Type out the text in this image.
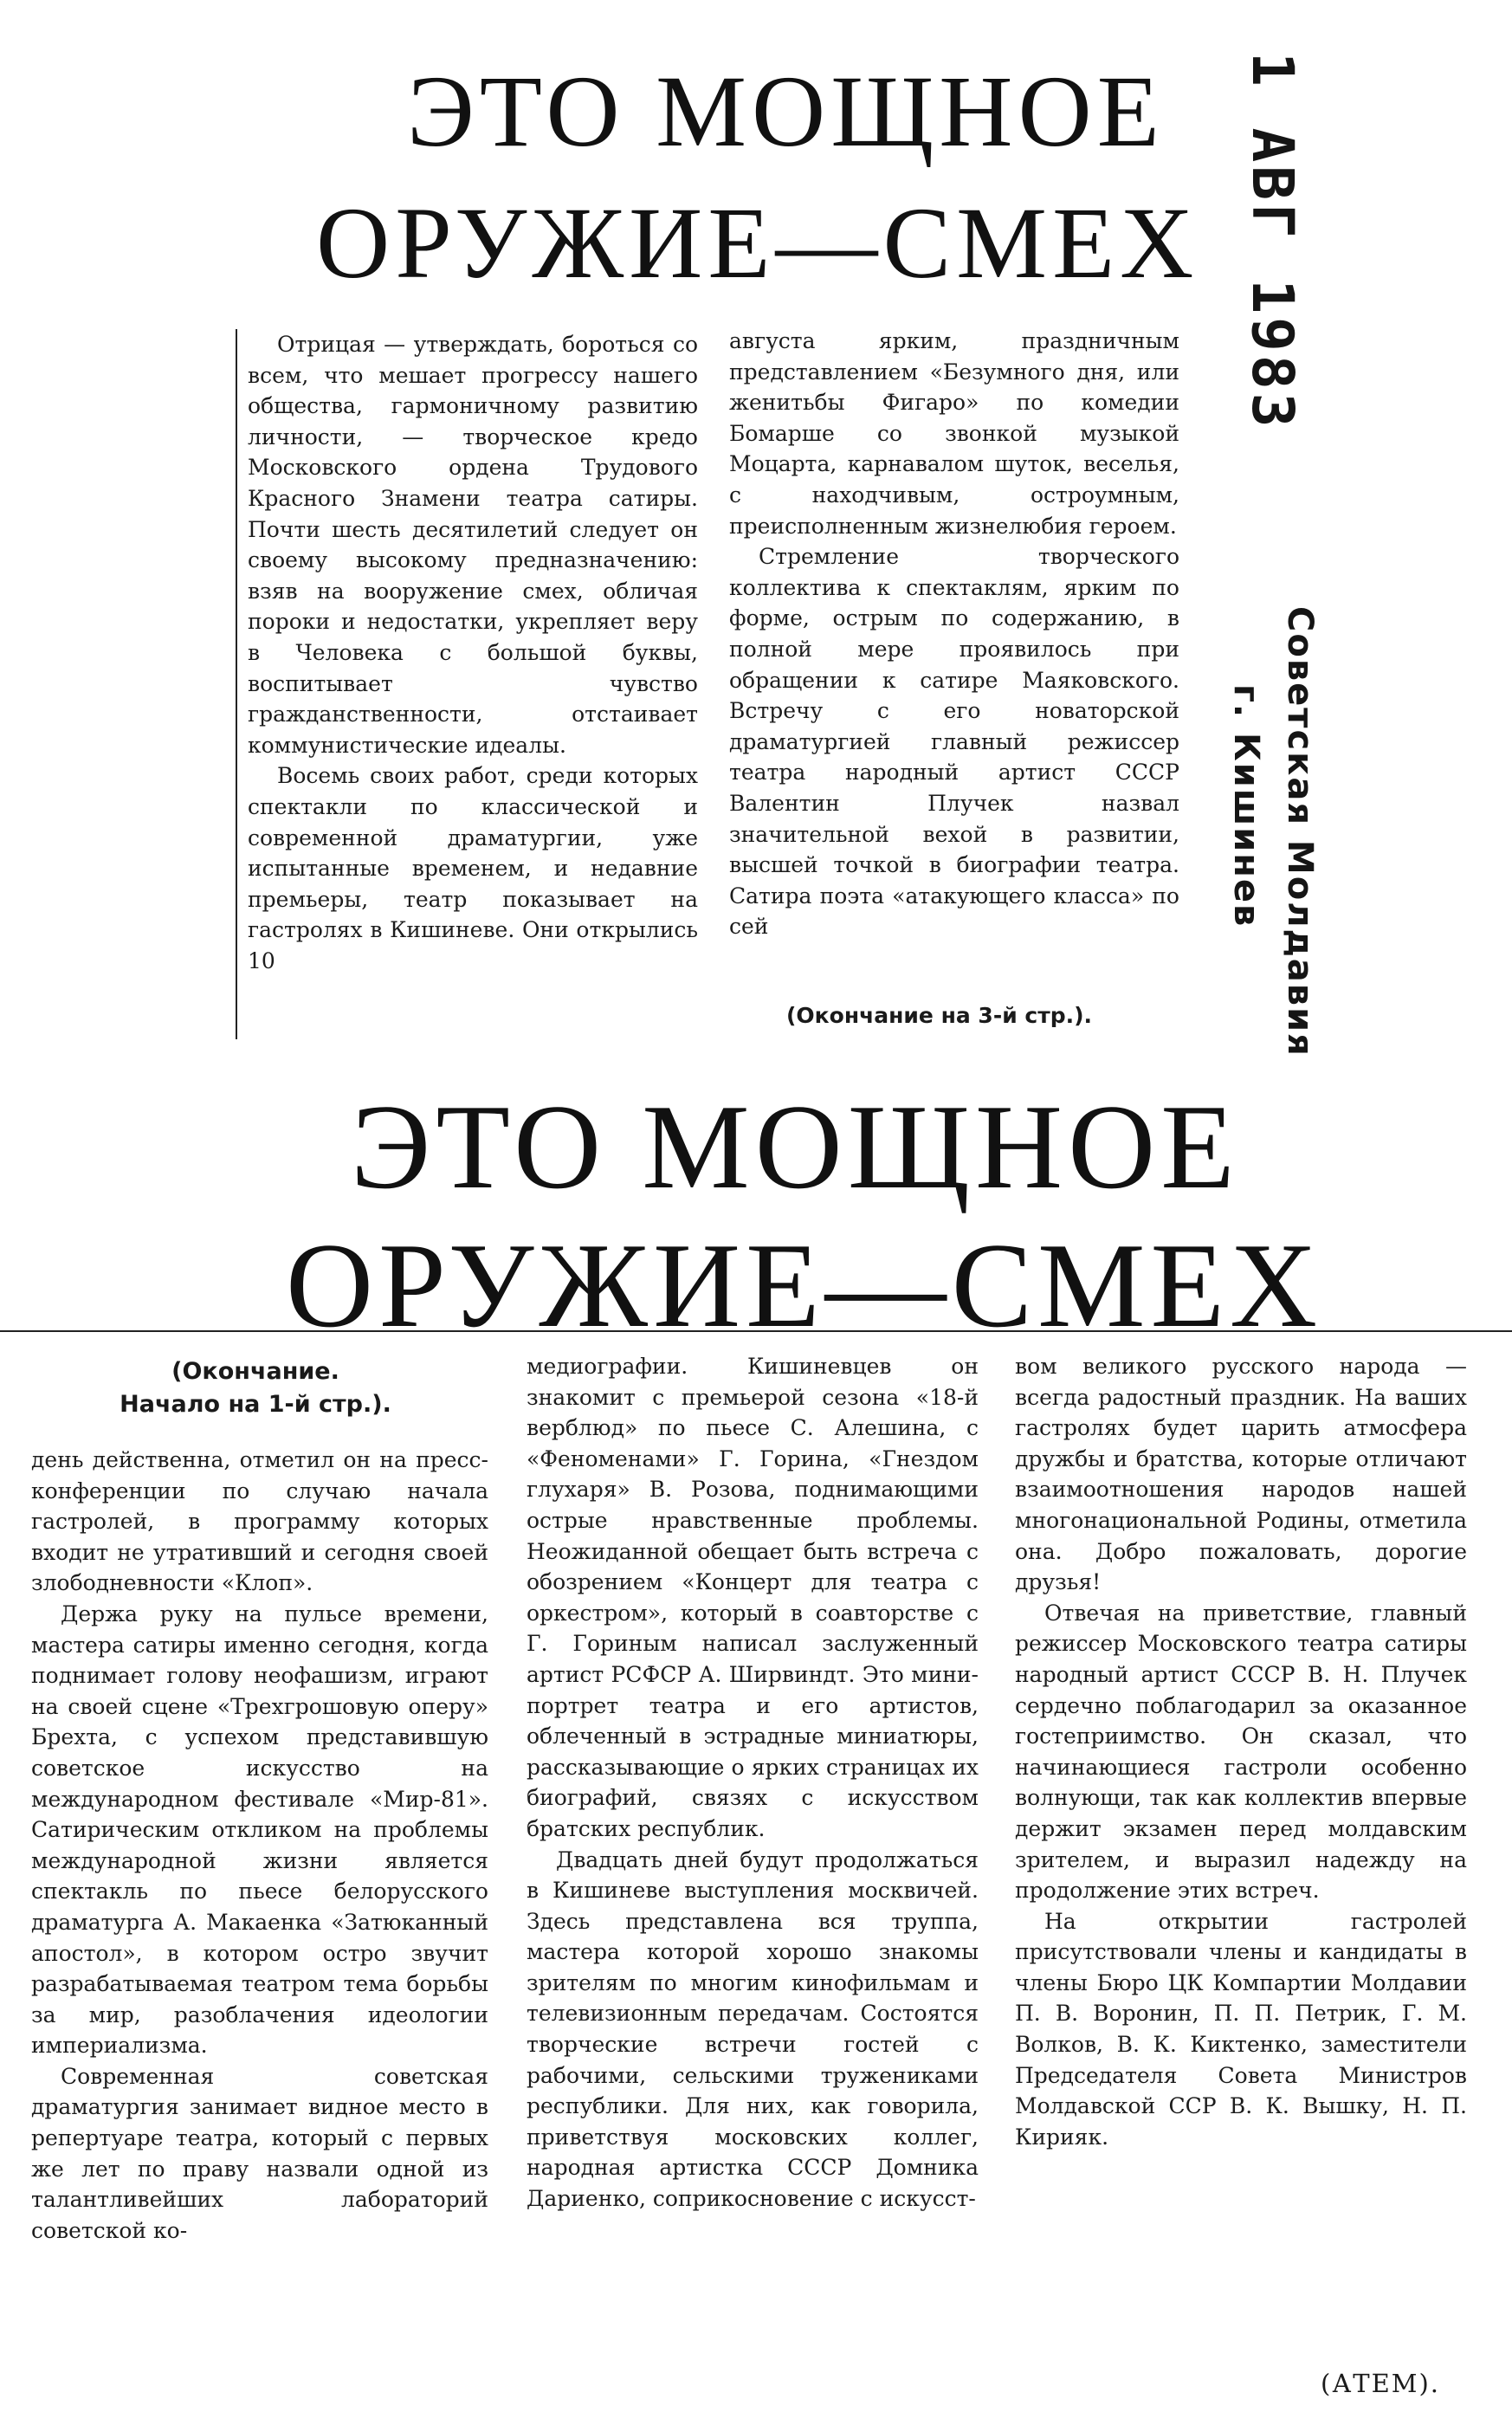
ЭТО МОЩНОЕ
ОРУЖИЕ—СМЕХ

Отрицая — утверждать, бороться со всем, что мешает прогрессу нашего общества, гармоничному развитию личности, — творческое кредо Московского ордена Трудового Красного Знамени театра сатиры. Почти шесть десятилетий следует он своему высокому предназначению: взяв на вооружение смех, обличая пороки и недостатки, укрепляет веру в Человека с большой буквы, воспитывает чувство гражданственности, отстаивает коммунистические идеалы.

Восемь своих работ, среди которых спектакли по классической и современной драматургии, уже испытанные временем, и недавние премьеры, театр показывает на гастролях в Кишиневе. Они открылись 10

августа ярким, праздничным представлением «Безумного дня, или женитьбы Фигаро» по комедии Бомарше со звонкой музыкой Моцарта, карнавалом шуток, веселья, с находчивым, остроумным, преисполненным жизнелюбия героем.

Стремление творческого коллектива к спектаклям, ярким по форме, острым по содержанию, в полной мере проявилось при обращении к сатире Маяковского. Встречу с его новаторской драматургией главный режиссер театра народный артист СССР Валентин Плучек назвал значительной вехой в развитии, высшей точкой в биографии театра. Сатира поэта «атакующего класса» по сей

(Окончание на 3-й стр.).
1 АВГ 1983
Советская Молдавия
г. Кишинев
ЭТО МОЩНОЕ
ОРУЖИЕ—СМЕХ
(Окончание.
Начало на 1-й стр.).

день действенна, отметил он на пресс-конференции по случаю начала гастролей, в программу которых входит не утративший и сегодня своей злободневности «Клоп».

Держа руку на пульсе времени, мастера сатиры именно сегодня, когда поднимает голову неофашизм, играют на своей сцене «Трехгрошовую оперу» Брехта, с успехом представившую советское искусство на международном фестивале «Мир-81». Сатирическим откликом на проблемы международной жизни является спектакль по пьесе белорусского драматурга А. Макаенка «Затюканный апостол», в котором остро звучит разрабатываемая театром тема борьбы за мир, разоблачения идеологии империализма.

Современная советская драматургия занимает видное место в репертуаре театра, который с первых же лет по праву назвали одной из талантливейших лабораторий советской ко-

медиографии. Кишиневцев он знакомит с премьерой сезона «18-й верблюд» по пьесе С. Алешина, с «Феноменами» Г. Горина, «Гнездом глухаря» В. Розова, поднимающими острые нравственные проблемы. Неожиданной обещает быть встреча с обозрением «Концерт для театра с оркестром», который в соавторстве с Г. Гориным написал заслуженный артист РСФСР А. Ширвиндт. Это мини-портрет театра и его артистов, облеченный в эстрадные миниатюры, рассказывающие о ярких страницах их биографий, связях с искусством братских республик.

Двадцать дней будут продолжаться в Кишиневе выступления москвичей. Здесь представлена вся труппа, мастера которой хорошо знакомы зрителям по многим кинофильмам и телевизионным передачам. Состоятся творческие встречи гостей с рабочими, сельскими тружениками республики. Для них, как говорила, приветствуя московских коллег, народная артистка СССР Домника Дариенко, соприкосновение с искусст-

вом великого русского народа — всегда радостный праздник. На ваших гастролях будет царить атмосфера дружбы и братства, которые отличают взаимоотношения народов нашей многонациональной Родины, отметила она. Добро пожаловать, дорогие друзья!

Отвечая на приветствие, главный режиссер Московского театра сатиры народный артист СССР В. Н. Плучек сердечно поблагодарил за оказанное гостеприимство. Он сказал, что начинающиеся гастроли особенно волнующи, так как коллектив впервые держит экзамен перед молдавским зрителем, и выразил надежду на продолжение этих встреч.

На открытии гастролей присутствовали члены и кандидаты в члены Бюро ЦК Компартии Молдавии П. В. Воронин, П. П. Петрик, Г. М. Волков, В. К. Киктенко, заместители Председателя Совета Министров Молдавской ССР В. К. Вышку, Н. П. Кирияк.

(АТЕМ).
